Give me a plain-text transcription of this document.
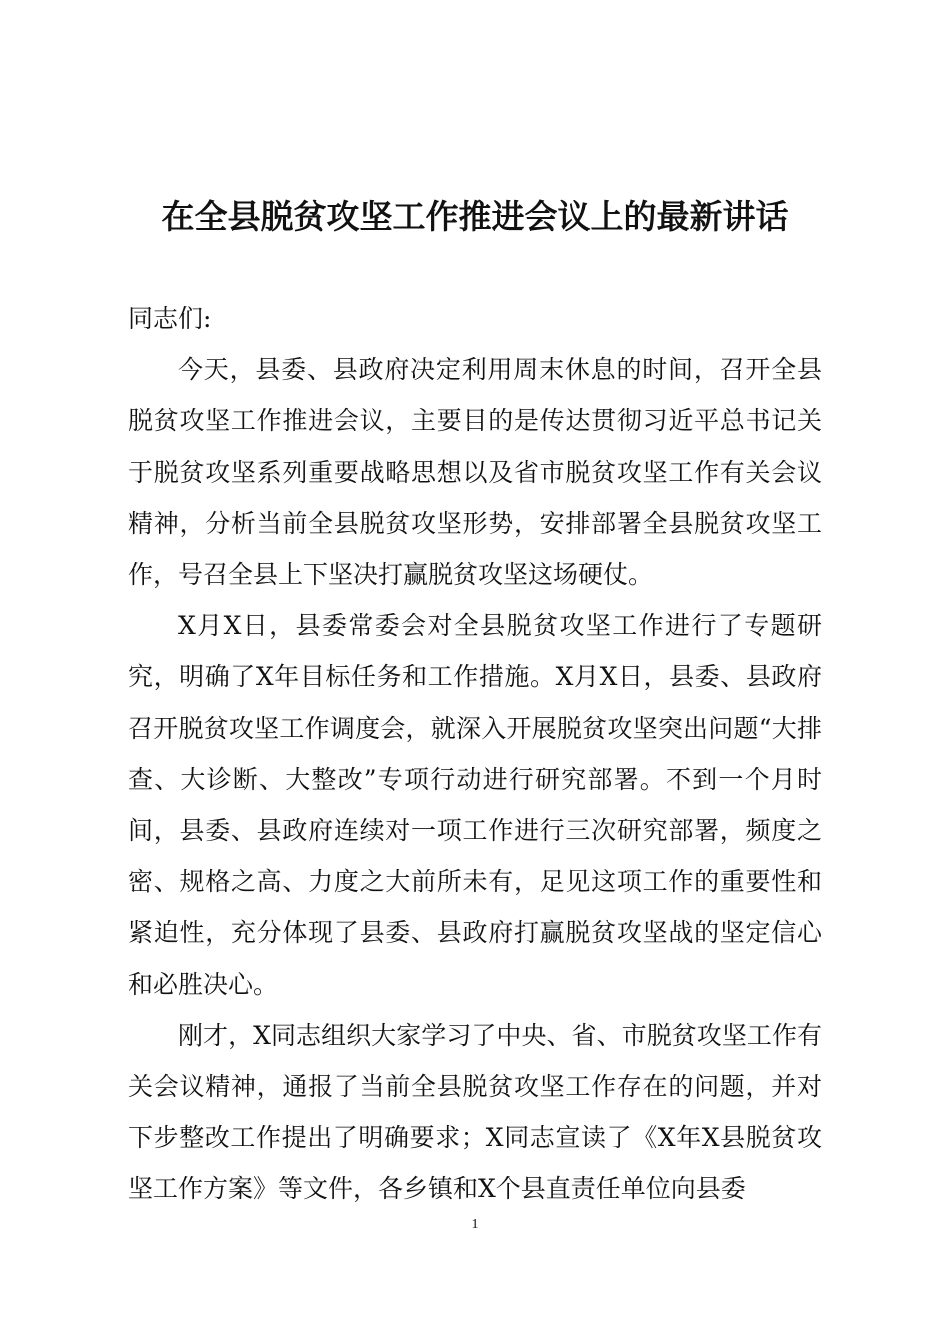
在全县脱贫攻坚工作推进会议上的最新讲话

同志们:

今天，县委、县政府决定利用周末休息的时间，召开全县脱贫攻坚工作推进会议，主要目的是传达贯彻习近平总书记关于脱贫攻坚系列重要战略思想以及省市脱贫攻坚工作有关会议精神，分析当前全县脱贫攻坚形势，安排部署全县脱贫攻坚工作，号召全县上下坚决打赢脱贫攻坚这场硬仗。

X月X日，县委常委会对全县脱贫攻坚工作进行了专题研究，明确了X年目标任务和工作措施。X月X日，县委、县政府召开脱贫攻坚工作调度会，就深入开展脱贫攻坚突出问题“大排查、大诊断、大整改”专项行动进行研究部署。不到一个月时间，县委、县政府连续对一项工作进行三次研究部署，频度之密、规格之高、力度之大前所未有，足见这项工作的重要性和紧迫性，充分体现了县委、县政府打赢脱贫攻坚战的坚定信心和必胜决心。

刚才，X同志组织大家学习了中央、省、市脱贫攻坚工作有关会议精神，通报了当前全县脱贫攻坚工作存在的问题，并对下步整改工作提出了明确要求；X同志宣读了《X年X县脱贫攻坚工作方案》等文件，各乡镇和X个县直责任单位向县委

1
